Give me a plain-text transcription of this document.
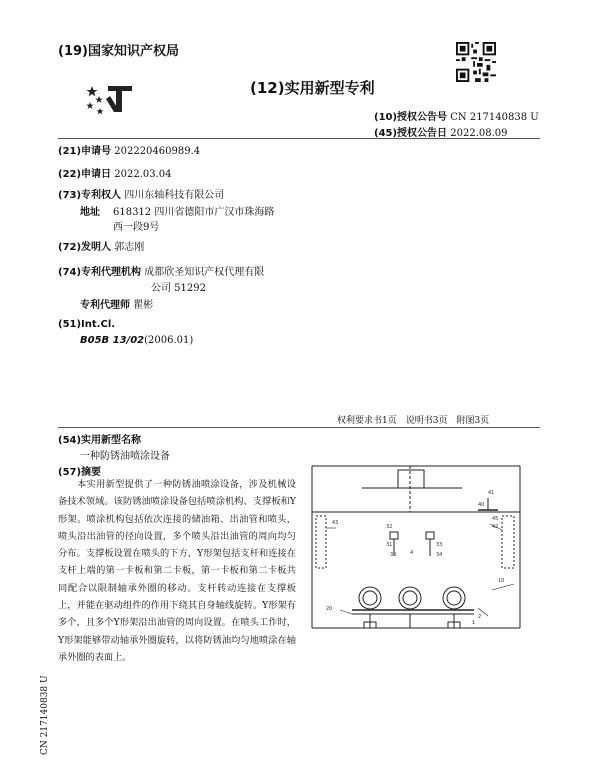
(19)国家知识产权局
(12)实用新型专利
(10)授权公告号 CN 217140838 U
(45)授权公告日 2022.08.09
(21)申请号 202220460989.4
(22)申请日 2022.03.04
(73)专利权人 四川东轴科技有限公司
地址 618312 四川省德阳市广汉市珠海路
西一段9号
(72)发明人 郭志刚
(74)专利代理机构 成都欣圣知识产权代理有限
公司 51292
专利代理师 瞿彬
(51)Int.Cl.
B05B 13/02(2006.01)
权利要求书1页　说明书3页　附图3页
(54)实用新型名称
一种防锈油喷涂设备
(57)摘要

本实用新型提供了一种防锈油喷涂设备，涉及机械设备技术领域。该防锈油喷涂设备包括喷涂机构、支撑板和Y形架。喷涂机构包括依次连接的储油箱、出油管和喷头，喷头沿出油管的径向设置，多个喷头沿出油管的周向均匀分布。支撑板设置在喷头的下方，Y形架包括支杆和连接在支杆上端的第一卡板和第二卡板，第一卡板和第二卡板共同配合以限制轴承外圈的移动。支杆转动连接在支撑板上，并能在驱动组件的作用下绕其自身轴线旋转。Y形架有多个，且多个Y形架沿出油管的周向设置。在喷头工作时，Y形架能够带动轴承外圈旋转，以将防锈油均匀地喷涂在轴承外圈的表面上。

43
45
42
41
40
32
31
4
33
30	34
10
2
1
20
CN 217140838 U
